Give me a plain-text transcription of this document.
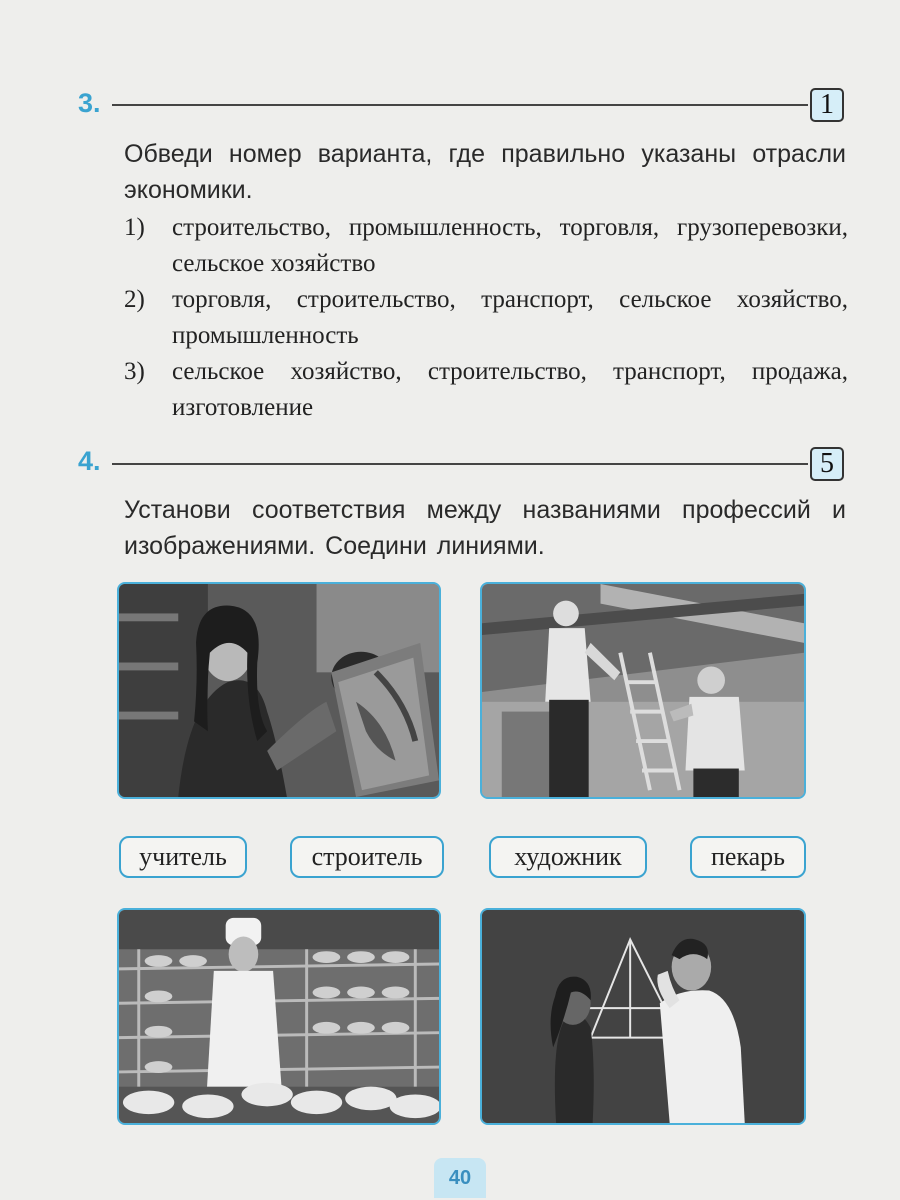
3.	1
Обведи номер варианта, где правильно указаны отрасли экономики.
1) строительство, промышленность, торговля, грузоперевозки, сельское хозяйство
2) торговля, строительство, транспорт, сельское хозяйство, промышленность
3) сельское хозяйство, строительство, транспорт, продажа, изготовление
4.	5
Установи соответствия между названиями профессий и изображениями. Соедини линиями.
учитель	строитель	художник	пекарь
40
